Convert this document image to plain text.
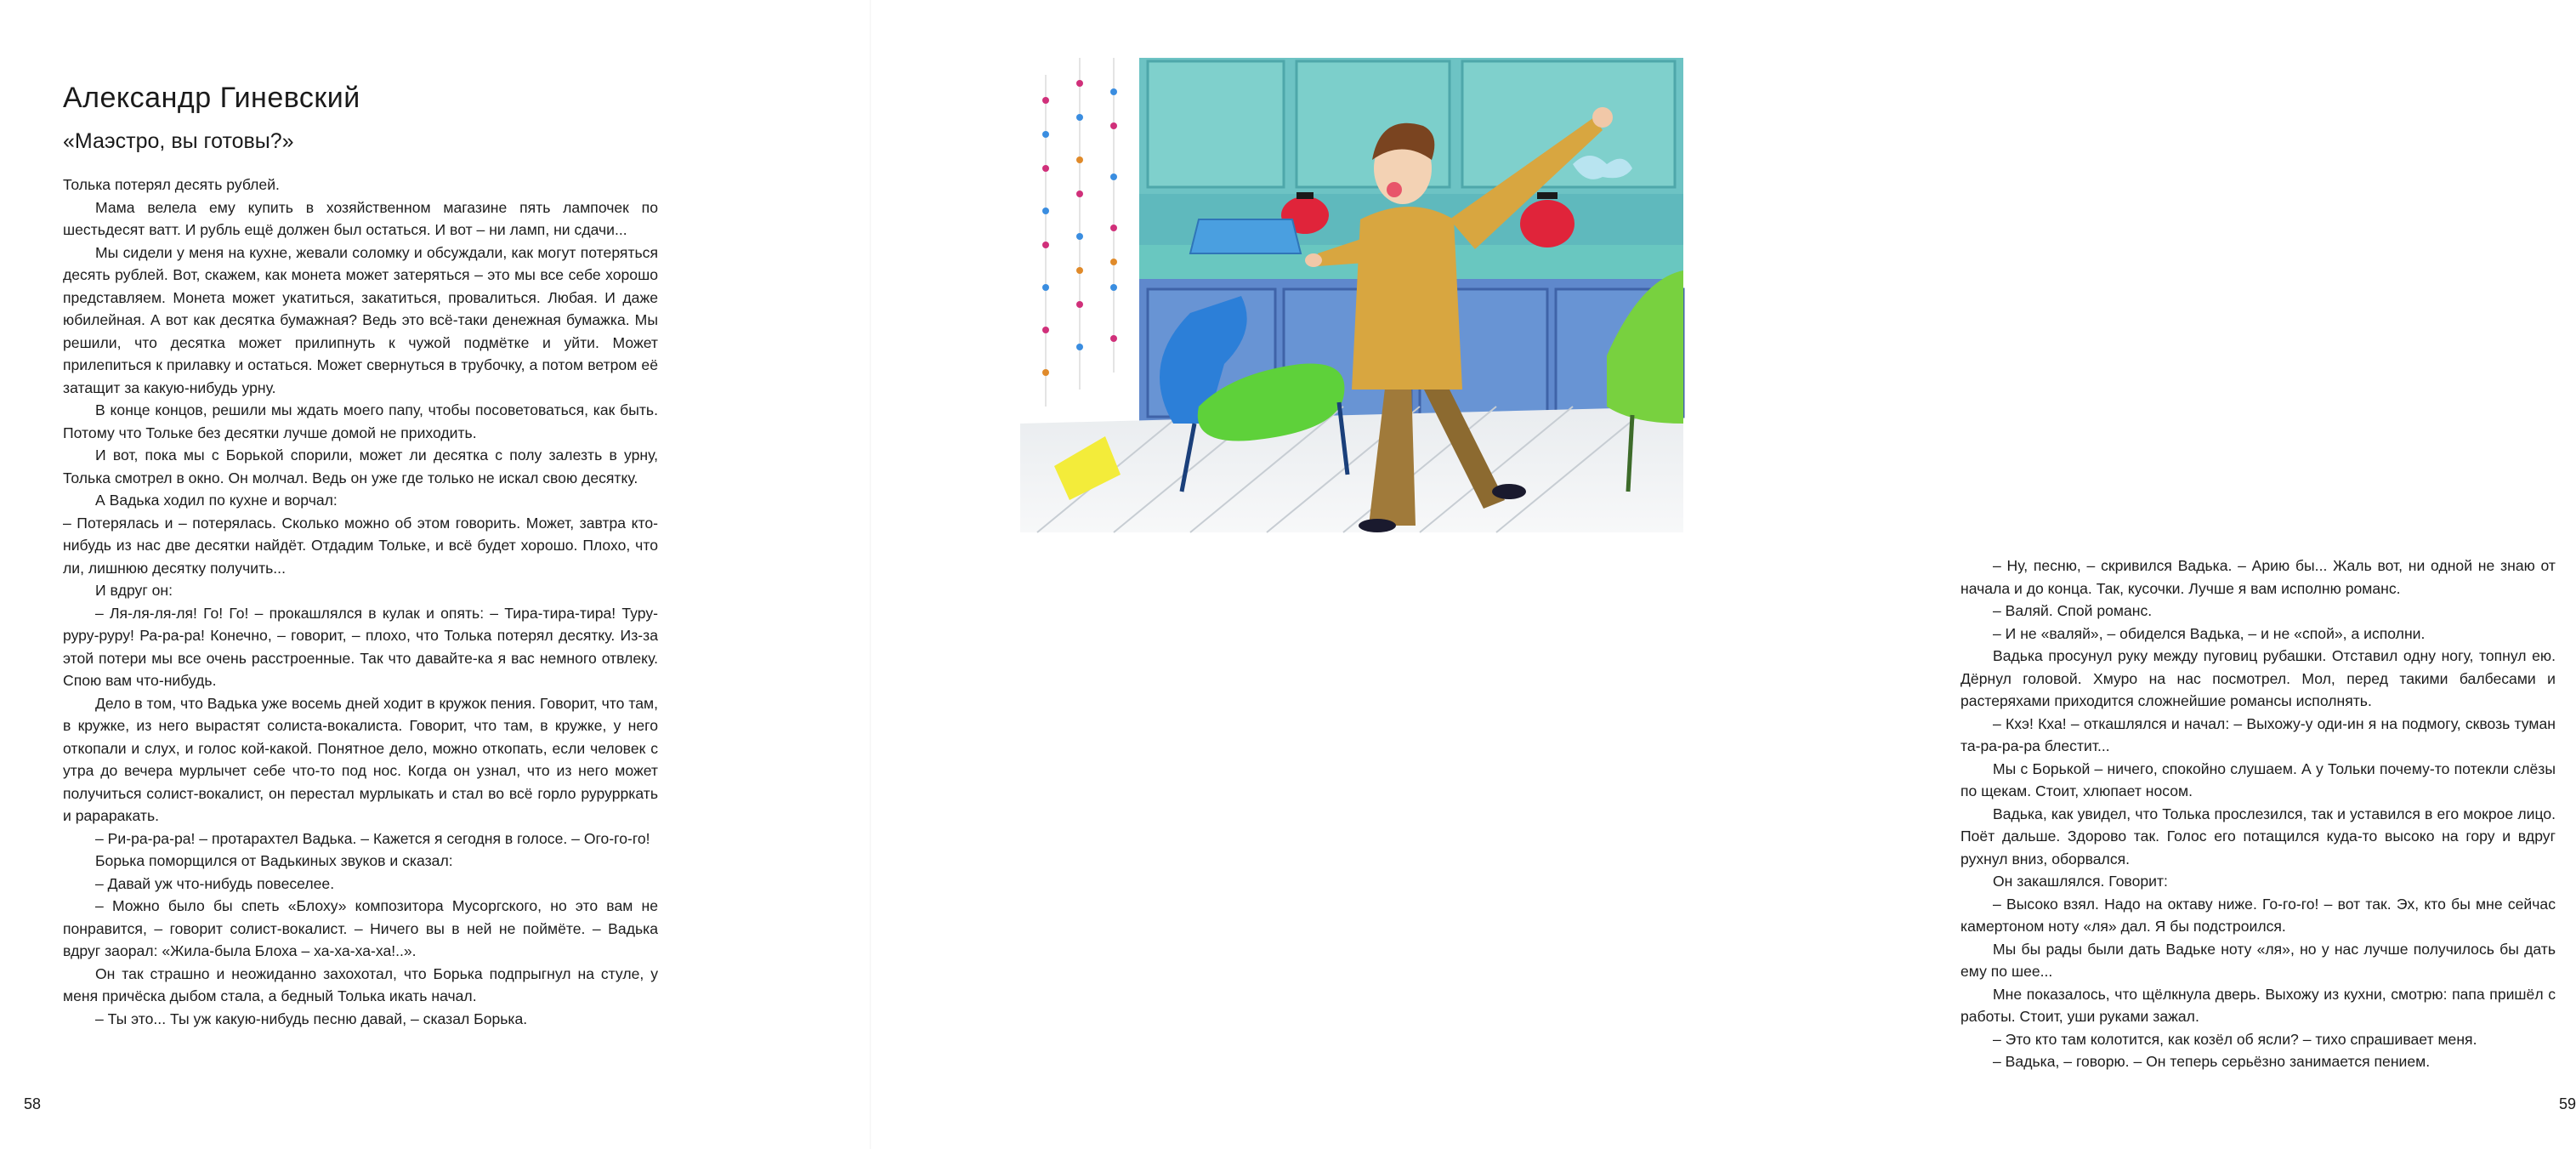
Александр Гиневский
«Маэстро, вы готовы?»

Толька потерял десять рублей.

Мама велела ему купить в хозяйственном магазине пять лампочек по шестьдесят ватт. И рубль ещё должен был остаться. И вот – ни ламп, ни сдачи...

Мы сидели у меня на кухне, жевали соломку и обсуждали, как могут потеряться десять рублей. Вот, скажем, как монета может затеряться – это мы все себе хорошо представляем. Монета может укатиться, закатиться, провалиться. Любая. И даже юбилейная. А вот как десятка бумажная? Ведь это всё-таки денежная бумажка. Мы решили, что десятка может прилипнуть к чужой подмётке и уйти. Может прилепиться к прилавку и остаться. Может свернуться в трубочку, а потом ветром её затащит за какую-нибудь урну.

В конце концов, решили мы ждать моего папу, чтобы посоветоваться, как быть. Потому что Тольке без десятки лучше домой не приходить.

И вот, пока мы с Борькой спорили, может ли десятка с полу залезть в урну, Толька смотрел в окно. Он молчал. Ведь он уже где только не искал свою десятку.

А Вадька ходил по кухне и ворчал:

– Потерялась и – потерялась. Сколько можно об этом говорить. Может, завтра кто-нибудь из нас две десятки найдёт. Отдадим Тольке, и всё будет хорошо. Плохо, что ли, лишнюю десятку получить...

И вдруг он:

– Ля-ля-ля-ля! Го! Го! – прокашлялся в кулак и опять: – Тира-тира-тира! Туру-руру-руру! Ра-ра-ра! Конечно, – говорит, – плохо, что Толька потерял десятку. Из-за этой потери мы все очень расстроенные. Так что давайте-ка я вас немного отвлеку. Спою вам что-нибудь.

Дело в том, что Вадька уже восемь дней ходит в кружок пения. Говорит, что там, в кружке, из него вырастят солиста-вокалиста. Говорит, что там, в кружке, у него откопали и слух, и голос кой-какой. Понятное дело, можно откопать, если человек с утра до вечера мурлычет себе что-то под нос. Когда он узнал, что из него может получиться солист-вокалист, он перестал мурлыкать и стал во всё горло рурурркать и рарарaкать.

– Ри-ра-ра-ра! – протарахтел Вадька. – Кажется я сегодня в голосе. – Ого-го-го!

Борька поморщился от Вадькиных звуков и сказал:

– Давай уж что-нибудь повеселее.

– Можно было бы спеть «Блоху» композитора Мусоргского, но это вам не понравится, – говорит солист-вокалист. – Ничего вы в ней не поймёте. – Вадька вдруг заорал: «Жила-была Блоха – ха-ха-ха-ха!..».

Он так страшно и неожиданно захохотал, что Борька подпрыгнул на стуле, у меня причёска дыбом стала, а бедный Толька икать начал.

– Ты это... Ты уж какую-нибудь песню давай, – сказал Борька.

58

– Ну, песню, – скривился Вадька. – Арию бы... Жаль вот, ни одной не знаю от начала и до конца. Так, кусочки. Лучше я вам исполню романс.

– Валяй. Спой романс.

– И не «валяй», – обиделся Вадька, – и не «спой», а исполни.

Вадька просунул руку между пуговиц рубашки. Отставил одну ногу, топнул ею. Дёрнул головой. Хмуро на нас посмотрел. Мол, перед такими балбесами и растеряхами приходится сложнейшие романсы исполнять.

– Кхэ! Кха! – откашлялся и начал: – Выхожу-у оди-ин я на подмогу, сквозь туман та-ра-ра-ра блестит...

Мы с Борькой – ничего, спокойно слушаем. А у Тольки почему-то потекли слёзы по щекам. Стоит, хлюпает носом.

Вадька, как увидел, что Толька прослезился, так и уставился в его мокрое лицо. Поёт дальше. Здорово так. Голос его потащился куда-то высоко на гору и вдруг рухнул вниз, оборвался.

Он закашлялся. Говорит:

– Высоко взял. Надо на октаву ниже. Го-го-го! – вот так. Эх, кто бы мне сейчас камертоном ноту «ля» дал. Я бы подстроился.

Мы бы рады были дать Вадьке ноту «ля», но у нас лучше получилось бы дать ему по шее...

Мне показалось, что щёлкнула дверь. Выхожу из кухни, смотрю: папа пришёл с работы. Стоит, уши руками зажал.

– Это кто там колотится, как козёл об ясли? – тихо спрашивает меня.

– Вадька, – говорю. – Он теперь серьёзно занимается пением.

59
